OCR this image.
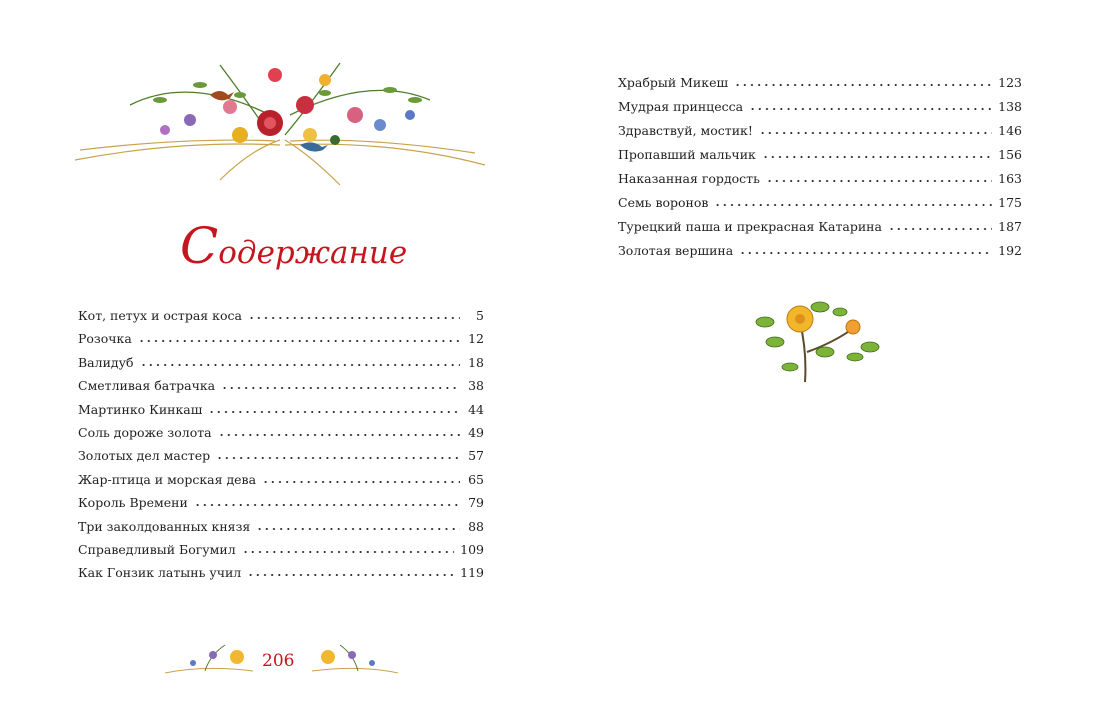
Содержание
Кот, петух и острая коса	5
Розочка	12
Валидуб	18
Сметливая батрачка	38
Мартинко Кинкаш	44
Соль дороже золота	49
Золотых дел мастер	57
Жар-птица и морская дева	65
Король Времени	79
Три заколдованных князя	88
Справедливый Богумил	109
Как Гонзик латынь учил	119
Храбрый Микеш	123
Мудрая принцесса	138
Здравствуй, мостик!	146
Пропавший мальчик	156
Наказанная гордость	163
Семь воронов	175
Турецкий паша и прекрасная Катарина	187
Золотая вершина	192
206
